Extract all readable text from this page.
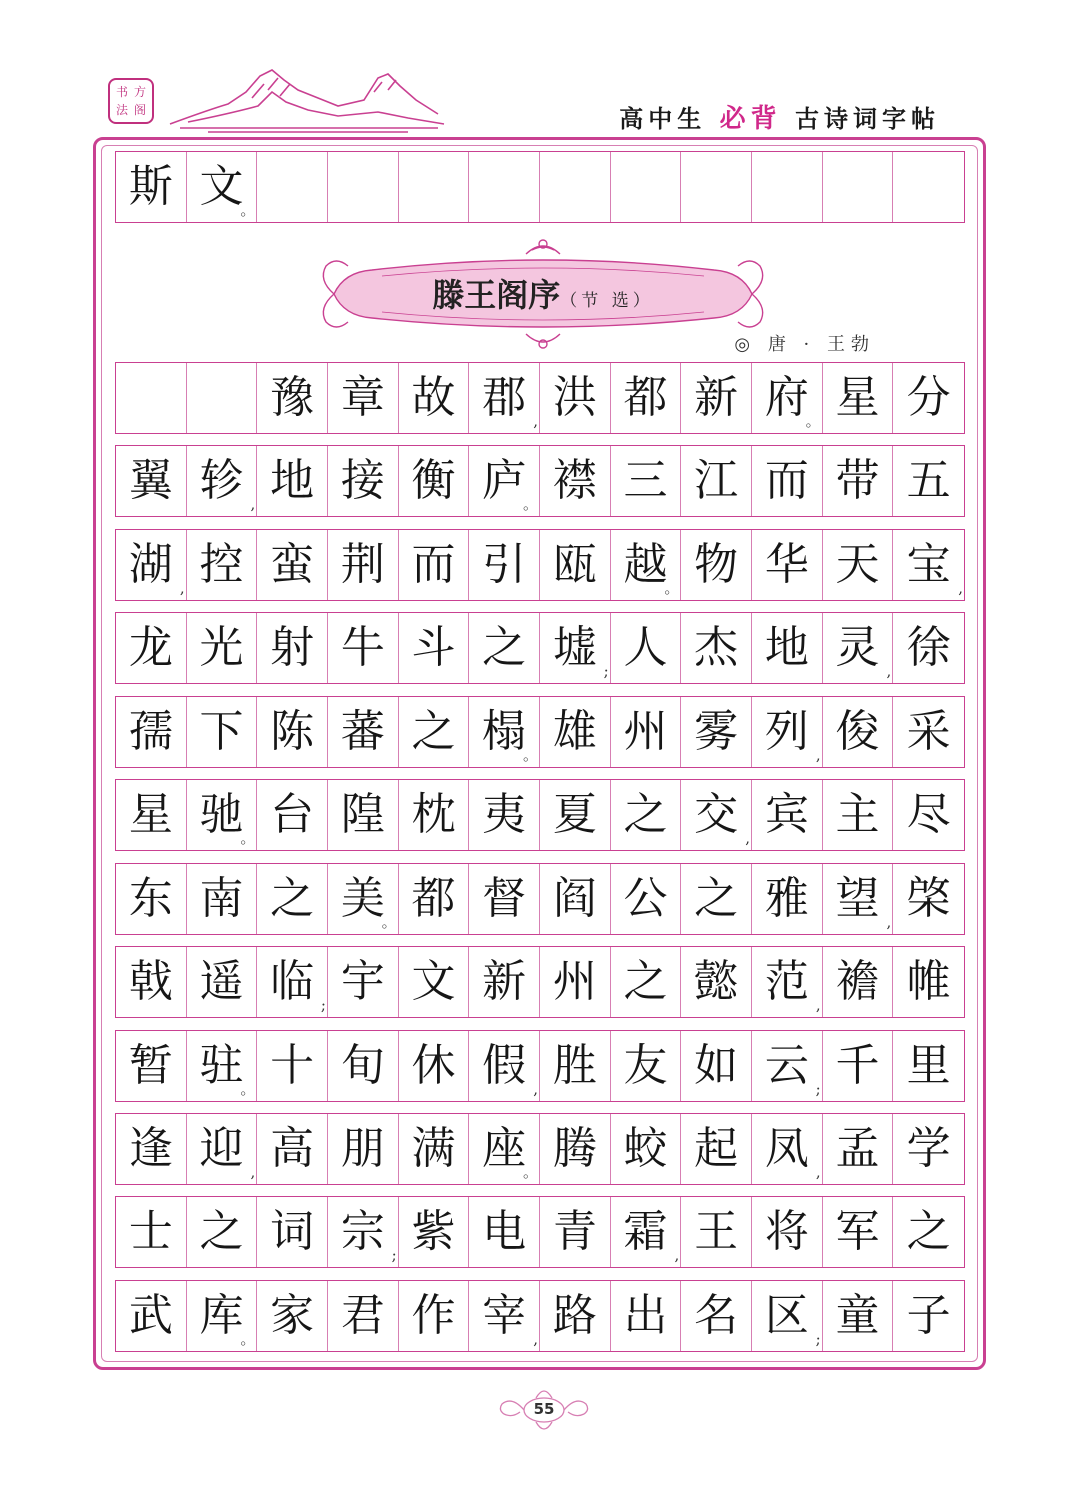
书 方
法 阁	高中生 必背 古诗词字帖
斯 文
。
豫 章 故 郡 , 洪 都 新 府
。 星 分
翼 轸 , 地 接 衡 庐
。 襟 三 江 而 带 五
湖 , 控 蛮 荆 而 引 瓯 越
。 物 华 天 宝 ,
龙 光 射 牛 斗 之 墟 ; 人 杰 地 灵 , 徐
孺 下 陈 蕃 之 榻
。 雄 州 雾 列 , 俊 采
星 驰
。 台 隍 枕 夷 夏 之 交 , 宾 主 尽
东 南 之 美
。 都 督 阎 公 之 雅 望 , 棨
戟 遥 临 ; 宇 文 新 州 之 懿 范 , 襜 帷
暂 驻
。 十 旬 休 假 , 胜 友 如 云 ; 千 里
逢 迎 , 高 朋 满 座
。 腾 蛟 起 凤 , 孟 学
士 之 词 宗 ; 紫 电 青 霜 , 王 将 军 之
武 库
。 家 君 作 宰 , 路 出 名 区 ; 童 子
滕王阁序（节 选）
◎ 唐 · 王勃
55
